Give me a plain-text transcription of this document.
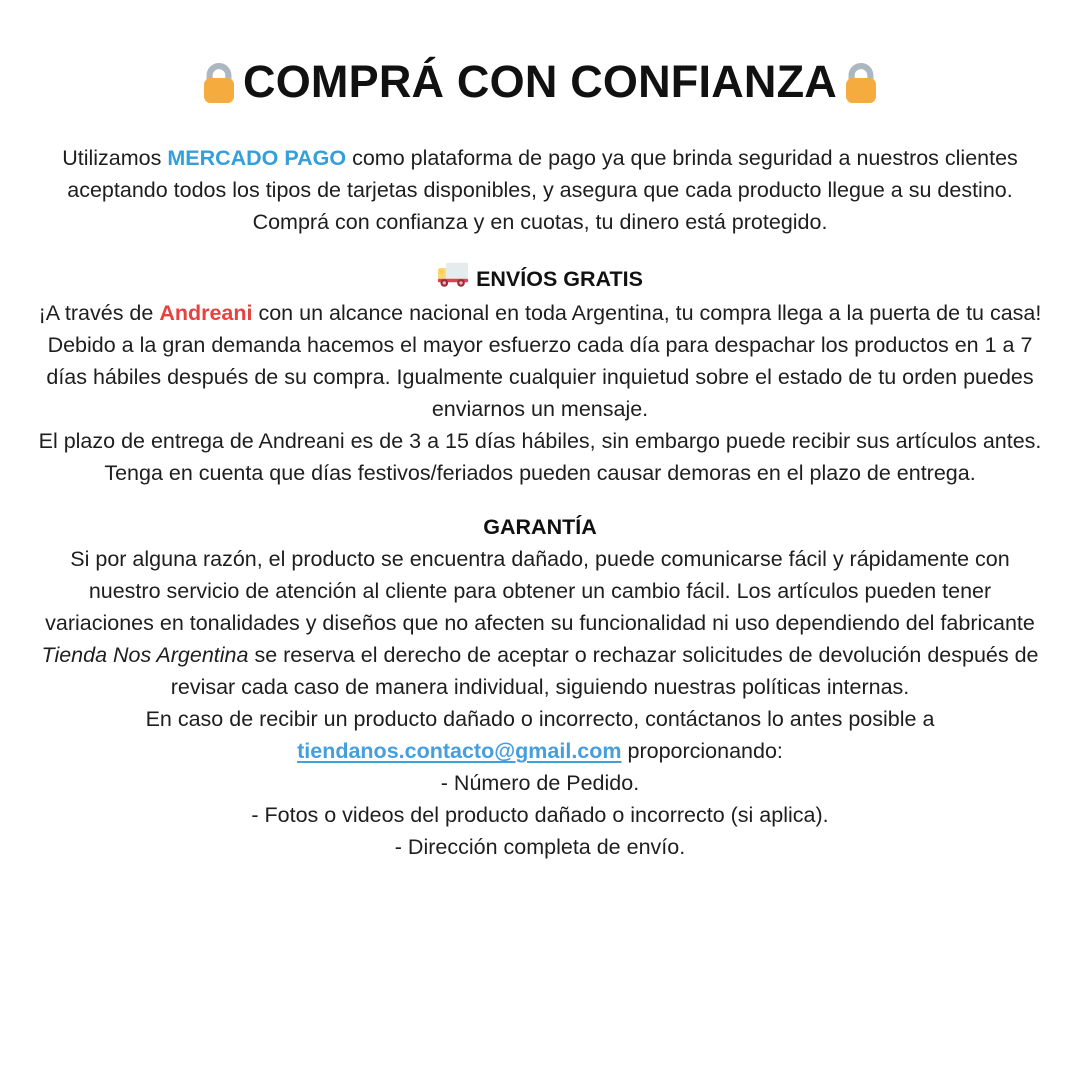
COMPRÁ CON CONFIANZA

Utilizamos MERCADO PAGO como plataforma de pago ya que brinda seguridad a nuestros clientes aceptando todos los tipos de tarjetas disponibles, y asegura que cada producto llegue a su destino.

Comprá con confianza y en cuotas, tu dinero está protegido.

ENVÍOS GRATIS

¡A través de Andreani con un alcance nacional en toda Argentina, tu compra llega a la puerta de tu casa! Debido a la gran demanda hacemos el mayor esfuerzo cada día para despachar los productos en 1 a 7 días hábiles después de su compra. Igualmente cualquier inquietud sobre el estado de tu orden puedes enviarnos un mensaje.

El plazo de entrega de Andreani es de 3 a 15 días hábiles, sin embargo puede recibir sus artículos antes. Tenga en cuenta que días festivos/feriados pueden causar demoras en el plazo de entrega.

GARANTÍA

Si por alguna razón, el producto se encuentra dañado, puede comunicarse fácil y rápidamente con nuestro servicio de atención al cliente para obtener un cambio fácil. Los artículos pueden tener variaciones en tonalidades y diseños que no afecten su funcionalidad ni uso dependiendo del fabricante

Tienda Nos Argentina se reserva el derecho de aceptar o rechazar solicitudes de devolución después de revisar cada caso de manera individual, siguiendo nuestras políticas internas.

En caso de recibir un producto dañado o incorrecto, contáctanos lo antes posible a tiendanos.contacto@gmail.com proporcionando:

- Número de Pedido.
- Fotos o videos del producto dañado o incorrecto (si aplica).
- Dirección completa de envío.
